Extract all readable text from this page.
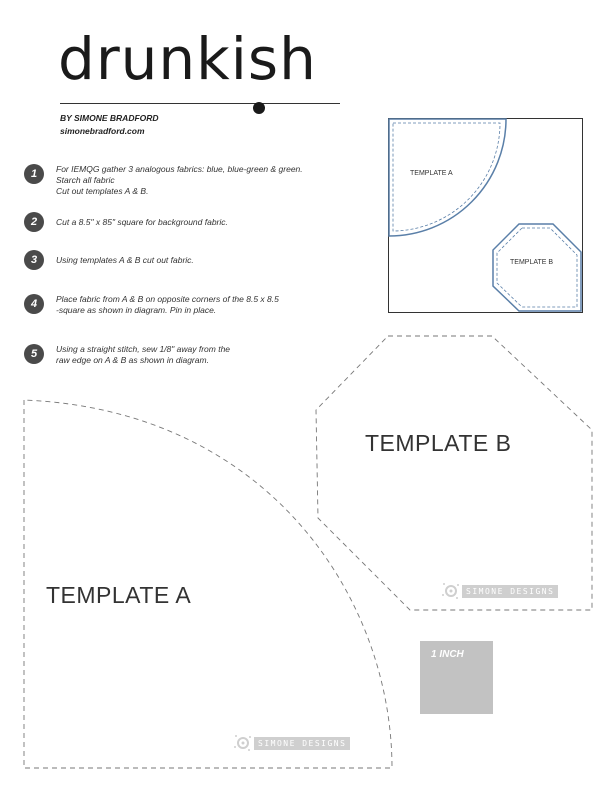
drunkish
BY SIMONE BRADFORD
simonebradford.com
1	For IEMQG gather 3 analogous fabrics: blue, blue-green & green.
Starch all fabric
Cut out templates A & B.
2	Cut a 8.5" x 85" square for background fabric.
3	Using templates A & B cut out fabric.
4	Place fabric from A & B on opposite corners of the 8.5 x 8.5
-square as shown in diagram. Pin in place.
5	Using a straight stitch, sew 1/8" away from the
raw edge on A & B as shown in diagram.
TEMPLATE A
TEMPLATE B
TEMPLATE A
TEMPLATE B
1 INCH
SIMONE DESIGNS
SIMONE DESIGNS
